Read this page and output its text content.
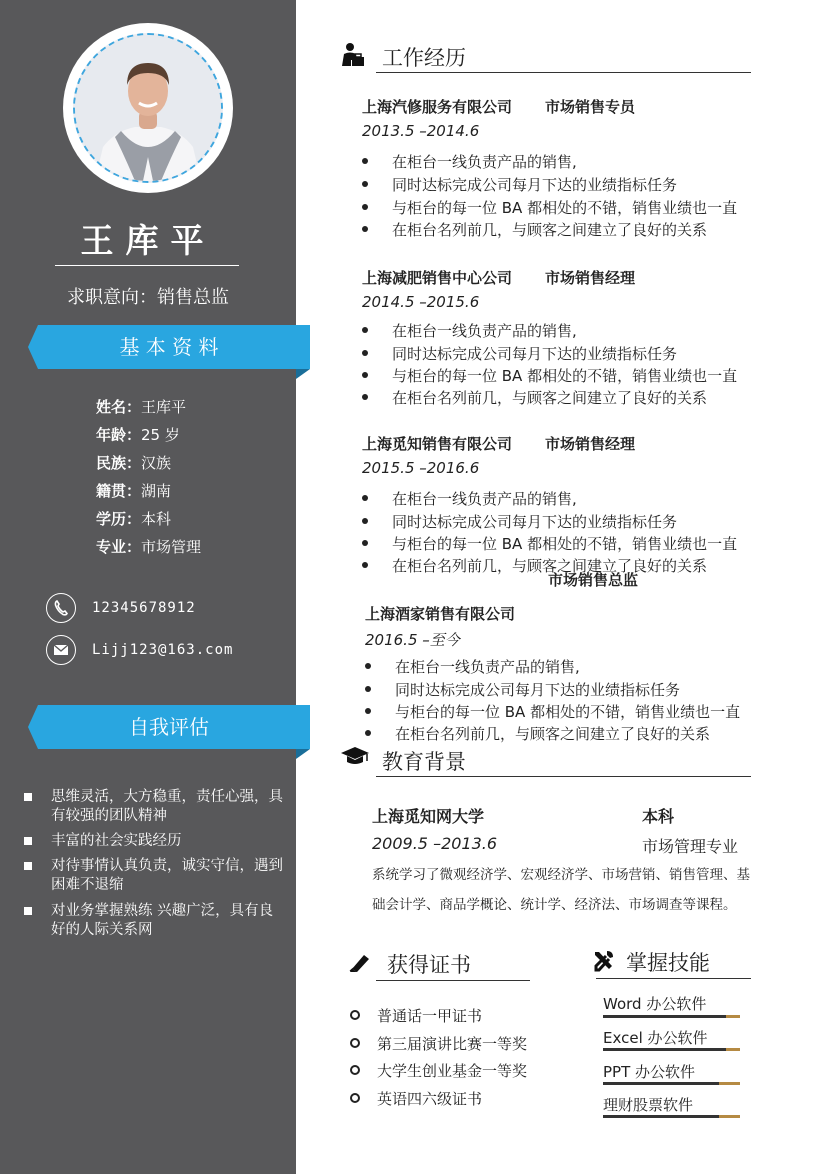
王库平
求职意向：销售总监
基 本 资 料
姓名：王库平
年龄：25 岁
民族：汉族
籍贯：湖南
学历：本科
专业：市场管理
12345678912
Lijj123@163.com
自我评估
思维灵活，大方稳重，责任心强，具有较强的团队精神
丰富的社会实践经历
对待事情认真负责，诚实守信，遇到困难不退缩
对业务掌握熟练 兴趣广泛，具有良好的人际关系网
工作经历
上海汽修服务有限公司 市场销售专员
2013.5 –2014.6
在柜台一线负责产品的销售,
同时达标完成公司每月下达的业绩指标任务
与柜台的每一位 BA 都相处的不错，销售业绩也一直
在柜台名列前几，与顾客之间建立了良好的关系
上海减肥销售中心公司 市场销售经理
2014.5 –2015.6
在柜台一线负责产品的销售,
同时达标完成公司每月下达的业绩指标任务
与柜台的每一位 BA 都相处的不错，销售业绩也一直
在柜台名列前几，与顾客之间建立了良好的关系
上海觅知销售有限公司 市场销售经理
2015.5 –2016.6
在柜台一线负责产品的销售,
同时达标完成公司每月下达的业绩指标任务
与柜台的每一位 BA 都相处的不错，销售业绩也一直
在柜台名列前几，与顾客之间建立了良好的关系
市场销售总监
上海酒家销售有限公司
2016.5 –至今
在柜台一线负责产品的销售,
同时达标完成公司每月下达的业绩指标任务
与柜台的每一位 BA 都相处的不错，销售业绩也一直
在柜台名列前几，与顾客之间建立了良好的关系
教育背景
上海觅知网大学	本科
2009.5 –2013.6	市场管理专业
系统学习了微观经济学、宏观经济学、市场营销、销售管理、基
础会计学、商品学概论、统计学、经济法、市场调查等课程。
获得证书
普通话一甲证书
第三届演讲比赛一等奖
大学生创业基金一等奖
英语四六级证书
掌握技能
Word 办公软件
Excel 办公软件
PPT 办公软件
理财股票软件
